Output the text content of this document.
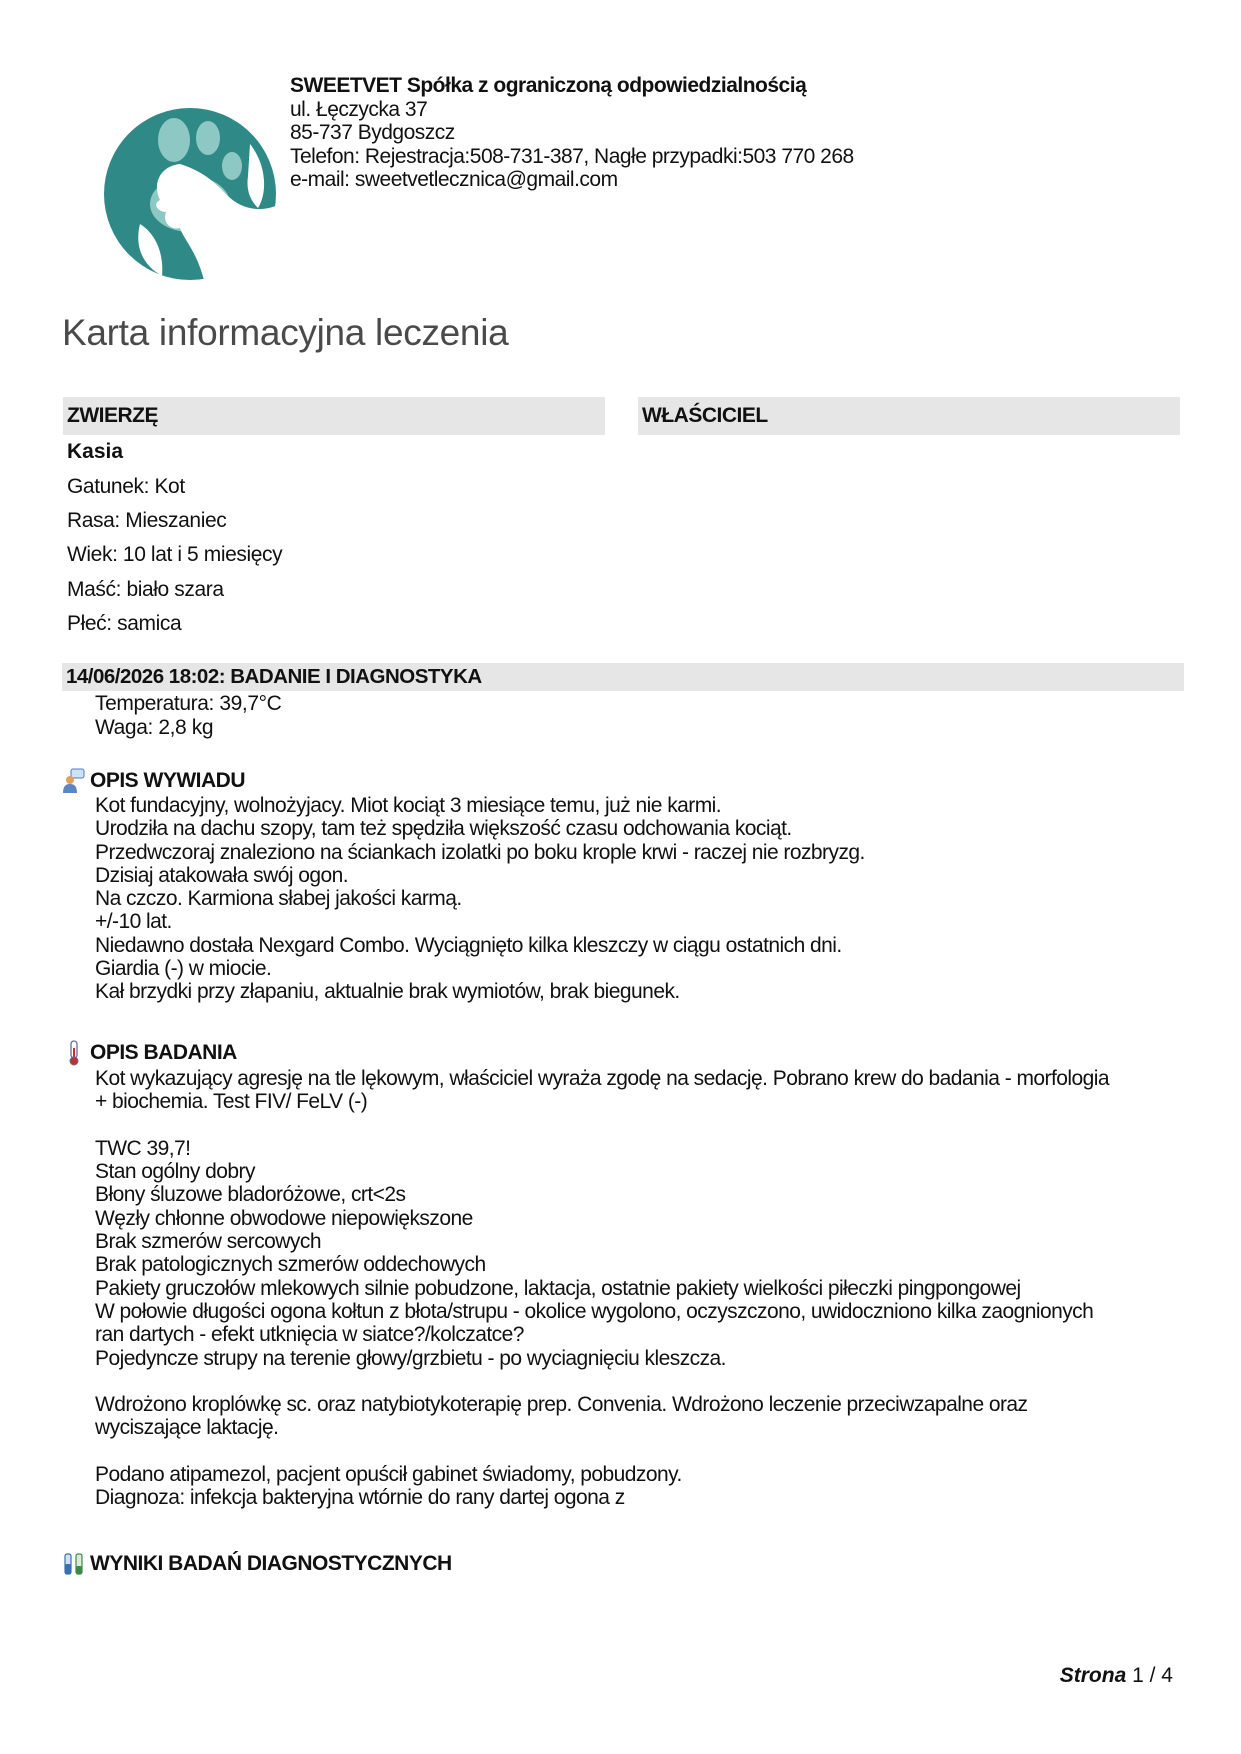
SWEETVET Spółka z ograniczoną odpowiedzialnością
ul. Łęczycka 37
85-737 Bydgoszcz
Telefon: Rejestracja:508-731-387, Nagłe przypadki:503 770 268
e-mail: sweetvetlecznica@gmail.com
Karta informacyjna leczenia
ZWIERZĘ	WŁAŚCICIEL
Kasia
Gatunek: Kot
Rasa: Mieszaniec
Wiek: 10 lat i 5 miesięcy
Maść: biało szara
Płeć: samica
14/06/2026 18:02: BADANIE I DIAGNOSTYKA
Temperatura: 39,7°C
Waga: 2,8 kg
OPIS WYWIADU
Kot fundacyjny, wolnożyjacy. Miot kociąt 3 miesiące temu, już nie karmi.
Urodziła na dachu szopy, tam też spędziła większość czasu odchowania kociąt.
Przedwczoraj znaleziono na ściankach izolatki po boku krople krwi - raczej nie rozbryzg.
Dzisiaj atakowała swój ogon.
Na czczo. Karmiona słabej jakości karmą.
+/-10 lat.
Niedawno dostała Nexgard Combo. Wyciągnięto kilka kleszczy w ciągu ostatnich dni.
Giardia (-) w miocie.
Kał brzydki przy złapaniu, aktualnie brak wymiotów, brak biegunek.
OPIS BADANIA
Kot wykazujący agresję na tle lękowym, właściciel wyraża zgodę na sedację. Pobrano krew do badania - morfologia
+ biochemia. Test FIV/ FeLV (-)
TWC 39,7!
Stan ogólny dobry
Błony śluzowe bladoróżowe, crt<2s
Węzły chłonne obwodowe niepowiększone
Brak szmerów sercowych
Brak patologicznych szmerów oddechowych
Pakiety gruczołów mlekowych silnie pobudzone, laktacja, ostatnie pakiety wielkości piłeczki pingpongowej
W połowie długości ogona kołtun z błota/strupu - okolice wygolono, oczyszczono, uwidoczniono kilka zaognionych
ran dartych - efekt utknięcia w siatce?/kolczatce?
Pojedyncze strupy na terenie głowy/grzbietu - po wyciagnięciu kleszcza.
Wdrożono kroplówkę sc. oraz natybiotykoterapię prep. Convenia. Wdrożono leczenie przeciwzapalne oraz
wyciszające laktację.
Podano atipamezol, pacjent opuścił gabinet świadomy, pobudzony.
Diagnoza: infekcja bakteryjna wtórnie do rany dartej ogona z
WYNIKI BADAŃ DIAGNOSTYCZNYCH
Strona 1 / 4
